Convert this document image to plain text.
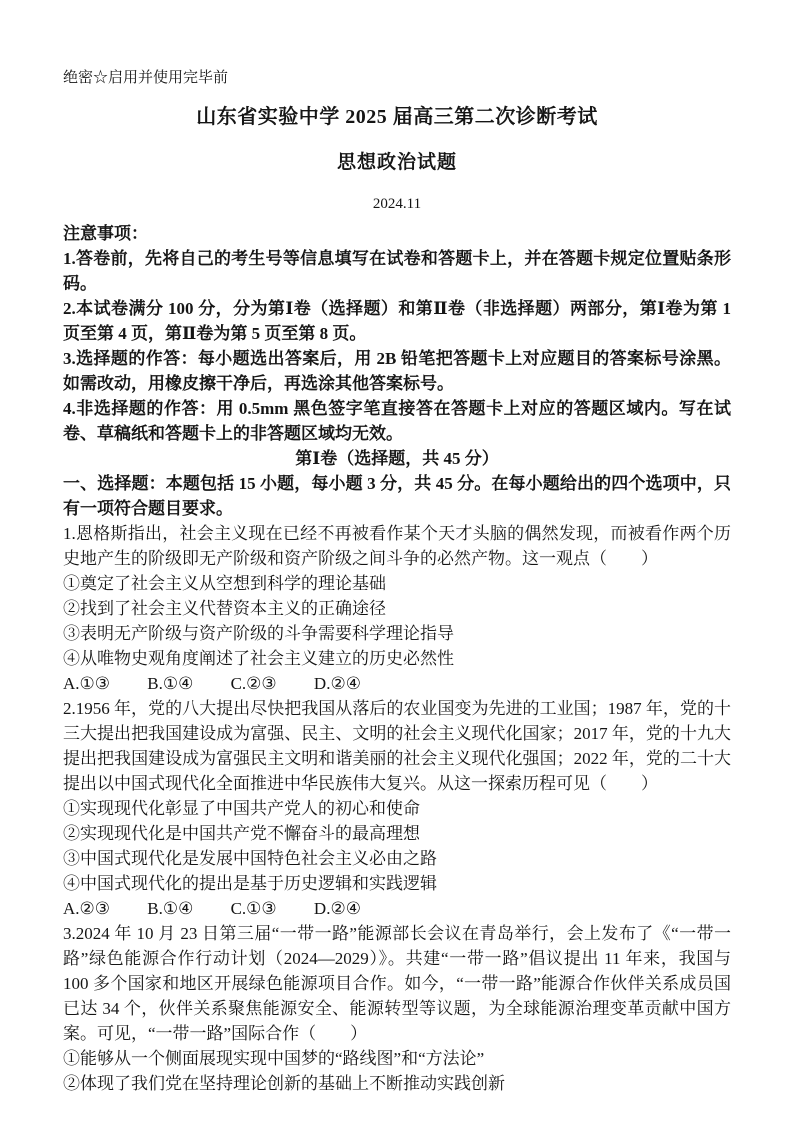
绝密☆启用并使用完毕前
山东省实验中学 2025 届高三第二次诊断考试
思想政治试题
2024.11

注意事项：

1.答卷前，先将自己的考生号等信息填写在试卷和答题卡上，并在答题卡规定位置贴条形码。

2.本试卷满分 100 分，分为第Ⅰ卷（选择题）和第Ⅱ卷（非选择题）两部分，第Ⅰ卷为第 1 页至第 4 页，第Ⅱ卷为第 5 页至第 8 页。

3.选择题的作答：每小题选出答案后，用 2B 铅笔把答题卡上对应题目的答案标号涂黑。如需改动，用橡皮擦干净后，再选涂其他答案标号。

4.非选择题的作答：用 0.5mm 黑色签字笔直接答在答题卡上对应的答题区域内。写在试卷、草稿纸和答题卡上的非答题区域均无效。

第Ⅰ卷（选择题，共 45 分）

一、选择题：本题包括 15 小题，每小题 3 分，共 45 分。在每小题给出的四个选项中，只有一项符合题目要求。

1.恩格斯指出，社会主义现在已经不再被看作某个天才头脑的偶然发现，而被看作两个历史地产生的阶级即无产阶级和资产阶级之间斗争的必然产物。这一观点（　　）

①奠定了社会主义从空想到科学的理论基础

②找到了社会主义代替资本主义的正确途径

③表明无产阶级与资产阶级的斗争需要科学理论指导

④从唯物史观角度阐述了社会主义建立的历史必然性

A.①③ B.①④ C.②③ D.②④

2.1956 年，党的八大提出尽快把我国从落后的农业国变为先进的工业国；1987 年，党的十三大提出把我国建设成为富强、民主、文明的社会主义现代化国家；2017 年，党的十九大提出把我国建设成为富强民主文明和谐美丽的社会主义现代化强国；2022 年，党的二十大提出以中国式现代化全面推进中华民族伟大复兴。从这一探索历程可见（　　）

①实现现代化彰显了中国共产党人的初心和使命

②实现现代化是中国共产党不懈奋斗的最高理想

③中国式现代化是发展中国特色社会主义必由之路

④中国式现代化的提出是基于历史逻辑和实践逻辑

A.②③ B.①④ C.①③ D.②④

3.2024 年 10 月 23 日第三届“一带一路”能源部长会议在青岛举行，会上发布了《“一带一路”绿色能源合作行动计划（2024—2029）》。共建“一带一路”倡议提出 11 年来，我国与 100 多个国家和地区开展绿色能源项目合作。如今，“一带一路”能源合作伙伴关系成员国已达 34 个，伙伴关系聚焦能源安全、能源转型等议题，为全球能源治理变革贡献中国方案。可见，“一带一路”国际合作（　　）

①能够从一个侧面展现实现中国梦的“路线图”和“方法论”

②体现了我们党在坚持理论创新的基础上不断推动实践创新
